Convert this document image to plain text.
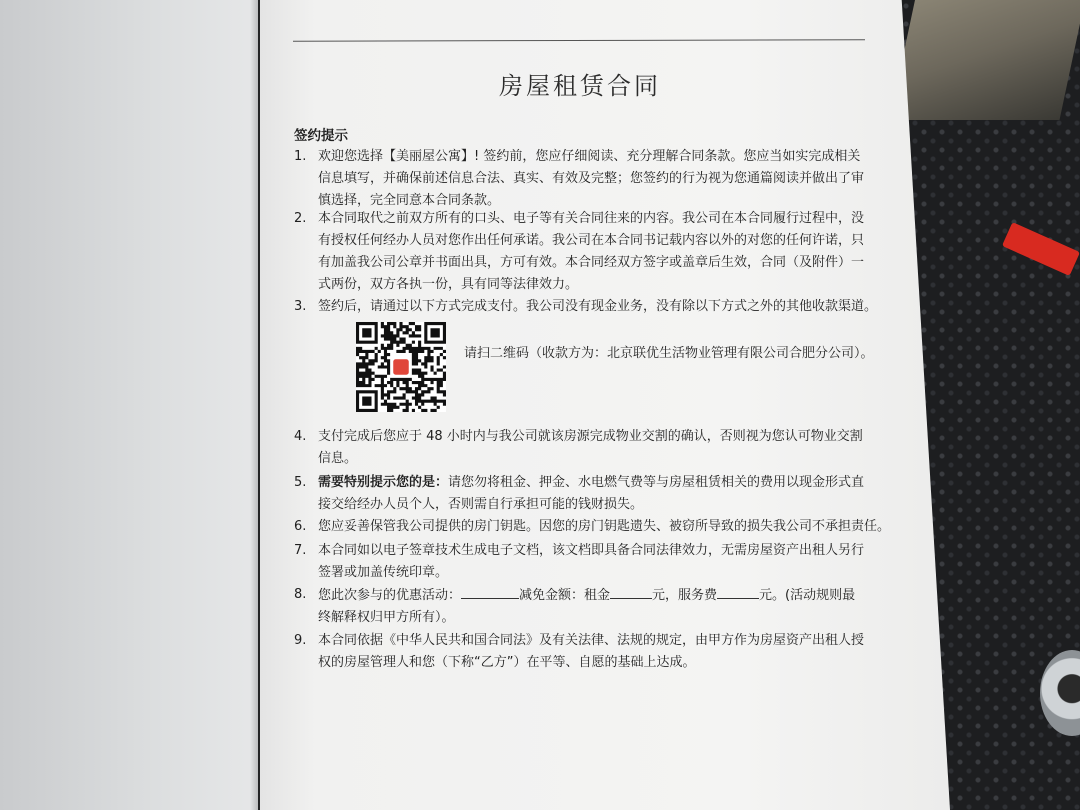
房屋租赁合同
签约提示
1. 欢迎您选择【美丽屋公寓】! 签约前，您应仔细阅读、充分理解合同条款。您应当如实完成相关
信息填写，并确保前述信息合法、真实、有效及完整；您签约的行为视为您通篇阅读并做出了审
慎选择，完全同意本合同条款。
2. 本合同取代之前双方所有的口头、电子等有关合同往来的内容。我公司在本合同履行过程中，没
有授权任何经办人员对您作出任何承诺。我公司在本合同书记载内容以外的对您的任何许诺，只
有加盖我公司公章并书面出具，方可有效。本合同经双方签字或盖章后生效，合同（及附件）一
式两份，双方各执一份，具有同等法律效力。
3. 签约后，请通过以下方式完成支付。我公司没有现金业务，没有除以下方式之外的其他收款渠道。
请扫二维码（收款方为：北京联优生活物业管理有限公司合肥分公司）。
4. 支付完成后您应于 48 小时内与我公司就该房源完成物业交割的确认，否则视为您认可物业交割
信息。
5. 需要特别提示您的是：请您勿将租金、押金、水电燃气费等与房屋租赁相关的费用以现金形式直
接交给经办人员个人，否则需自行承担可能的钱财损失。
6. 您应妥善保管我公司提供的房门钥匙。因您的房门钥匙遗失、被窃所导致的损失我公司不承担责任。
7. 本合同如以电子签章技术生成电子文档，该文档即具备合同法律效力，无需房屋资产出租人另行
签署或加盖传统印章。
8. 您此次参与的优惠活动：	减免金额：租金	元，服务费	元。(活动规则最
终解释权归甲方所有）。
9. 本合同依据《中华人民共和国合同法》及有关法律、法规的规定，由甲方作为房屋资产出租人授
权的房屋管理人和您（下称“乙方”）在平等、自愿的基础上达成。
